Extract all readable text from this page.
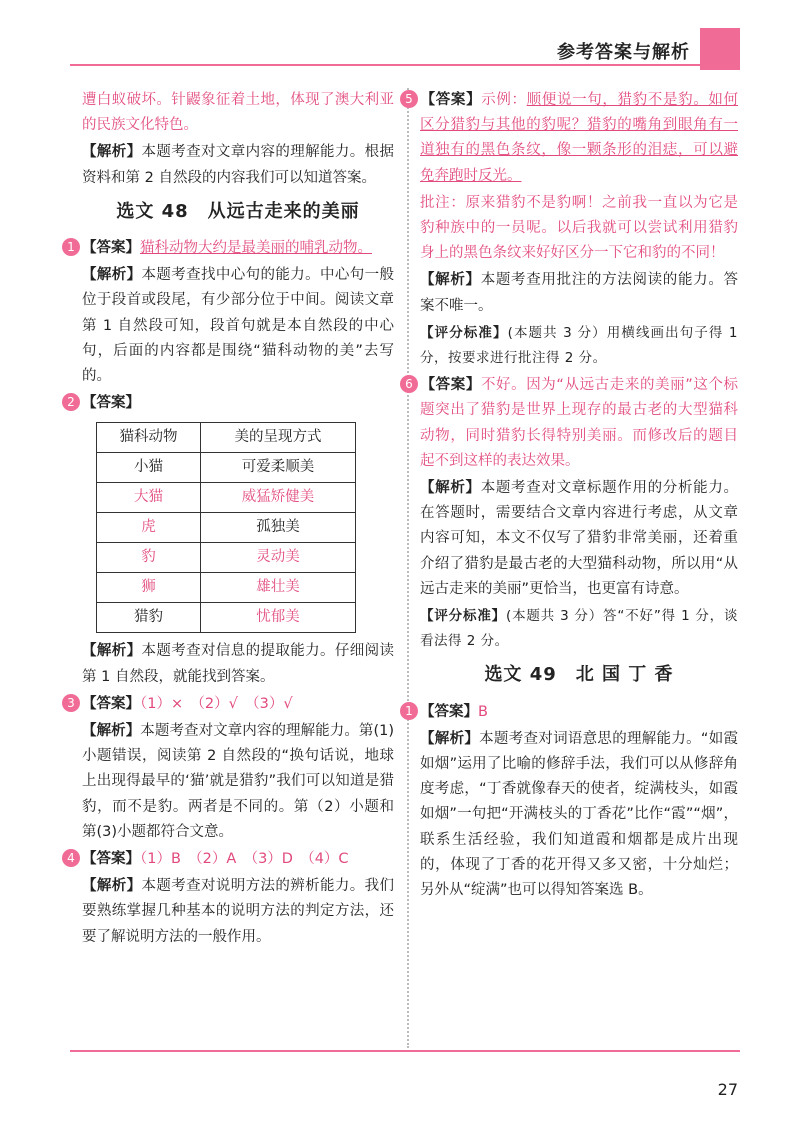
参考答案与解析

遭白蚁破坏。针鼹象征着土地，体现了澳大利亚的民族文化特色。

【解析】本题考查对文章内容的理解能力。根据资料和第 2 自然段的内容我们可以知道答案。

选文 48　从远古走来的美丽

1 【答案】猫科动物大约是最美丽的哺乳动物。

【解析】本题考查找中心句的能力。中心句一般位于段首或段尾，有少部分位于中间。阅读文章第 1 自然段可知，段首句就是本自然段的中心句，后面的内容都是围绕“猫科动物的美”去写的。

2 【答案】

猫科动物	美的呈现方式
小猫	可爱柔顺美
大猫	威猛矫健美
虎	孤独美
豹	灵动美
狮	雄壮美
猎豹	忧郁美

【解析】本题考查对信息的提取能力。仔细阅读第 1 自然段，就能找到答案。

3 【答案】（1）×　（2）√　（3）√

【解析】本题考查对文章内容的理解能力。第(1)小题错误，阅读第 2 自然段的“换句话说，地球上出现得最早的‘猫’就是猎豹”我们可以知道是猎豹，而不是豹。两者是不同的。第（2）小题和第(3)小题都符合文意。

4 【答案】（1）B　（2）A　（3）D　（4）C

【解析】本题考查对说明方法的辨析能力。我们要熟练掌握几种基本的说明方法的判定方法，还要了解说明方法的一般作用。

5 【答案】示例：顺便说一句，猎豹不是豹。如何区分猎豹与其他的豹呢？猎豹的嘴角到眼角有一道独有的黑色条纹，像一颗条形的泪痣，可以避免奔跑时反光。

批注：原来猎豹不是豹啊！之前我一直以为它是豹种族中的一员呢。以后我就可以尝试利用猎豹身上的黑色条纹来好好区分一下它和豹的不同！

【解析】本题考查用批注的方法阅读的能力。答案不唯一。

【评分标准】(本题共 3 分）用横线画出句子得 1 分，按要求进行批注得 2 分。

6 【答案】不好。因为“从远古走来的美丽”这个标题突出了猎豹是世界上现存的最古老的大型猫科动物，同时猎豹长得特别美丽。而修改后的题目起不到这样的表达效果。

【解析】本题考查对文章标题作用的分析能力。在答题时，需要结合文章内容进行考虑，从文章内容可知，本文不仅写了猎豹非常美丽，还着重介绍了猎豹是最古老的大型猫科动物，所以用“从远古走来的美丽”更恰当，也更富有诗意。

【评分标准】(本题共 3 分）答“不好”得 1 分，谈看法得 2 分。

选文 49　北 国 丁 香

1 【答案】B

【解析】本题考查对词语意思的理解能力。“如霞如烟”运用了比喻的修辞手法，我们可以从修辞角度考虑，“丁香就像春天的使者，绽满枝头，如霞如烟”一句把“开满枝头的丁香花”比作“霞”“烟”，联系生活经验，我们知道霞和烟都是成片出现的，体现了丁香的花开得又多又密，十分灿烂；另外从“绽满”也可以得知答案选 B。

27
